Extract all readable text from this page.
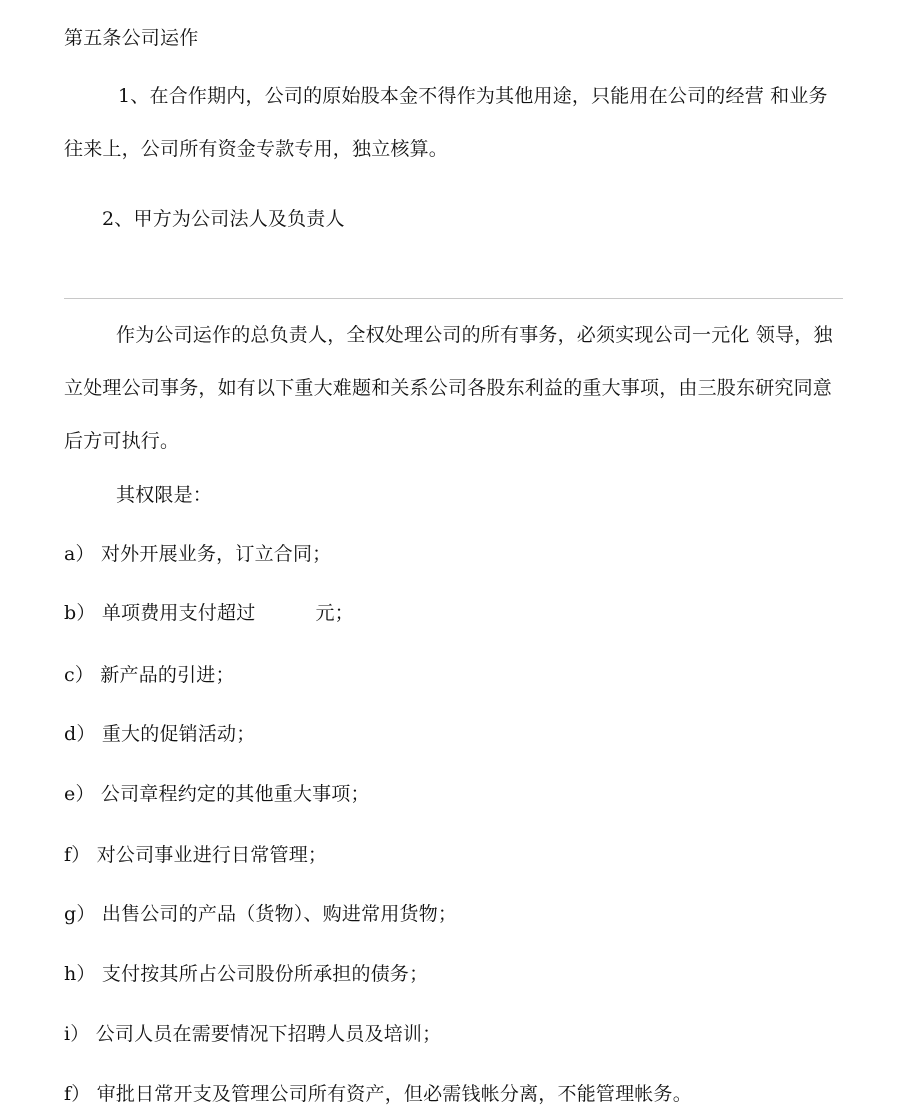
第五条公司运作
1、在合作期内，公司的原始股本金不得作为其他用途，只能用在公司的经营 和业务
往来上，公司所有资金专款专用，独立核算。
2、甲方为公司法人及负责人
作为公司运作的总负责人，全权处理公司的所有事务，必须实现公司一元化 领导，独
立处理公司事务，如有以下重大难题和关系公司各股东利益的重大事项，由三股东研究同意
后方可执行。
其权限是：
a） 对外开展业务，订立合同；
b） 单项费用支付超过	元；
c） 新产品的引进；
d） 重大的促销活动；
e） 公司章程约定的其他重大事项；
f） 对公司事业进行日常管理；
g） 出售公司的产品（货物）、购进常用货物；
h） 支付按其所占公司股份所承担的债务；
i） 公司人员在需要情况下招聘人员及培训；
f） 审批日常开支及管理公司所有资产，但必需钱帐分离，不能管理帐务。
